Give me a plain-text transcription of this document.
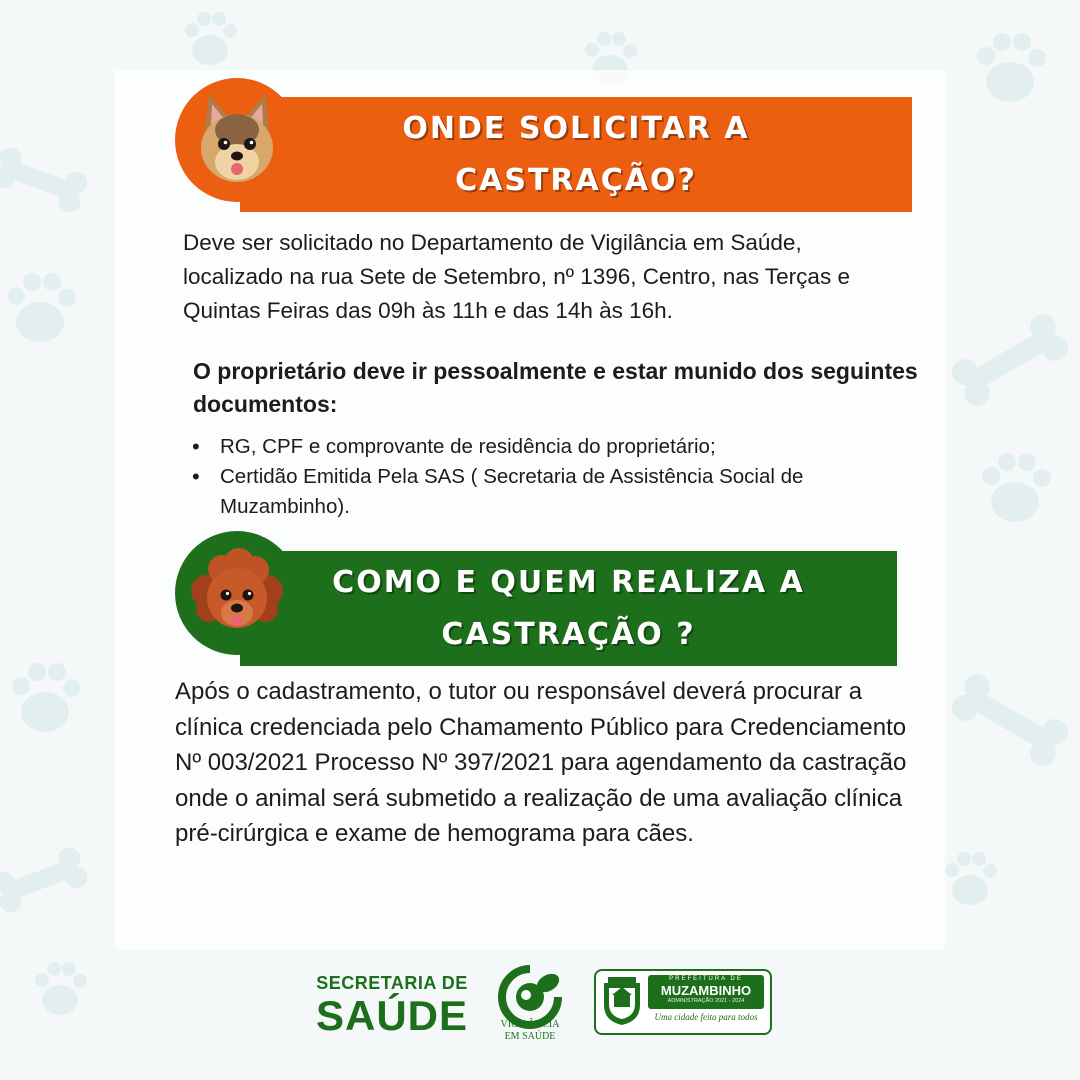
ONDE SOLICITAR A
CASTRAÇÃO?
Deve ser solicitado no Departamento de Vigilância em Saúde, localizado na rua Sete de Setembro, nº 1396, Centro, nas Terças e Quintas Feiras das 09h às 11h e das 14h às 16h.
O proprietário deve ir pessoalmente e estar munido dos seguintes documentos:
• RG, CPF e comprovante de residência do proprietário;
• Certidão Emitida Pela SAS ( Secretaria de Assistência Social de Muzambinho).
COMO E QUEM REALIZA A
CASTRAÇÃO ?
Após o cadastramento, o tutor ou responsável deverá procurar a clínica credenciada pelo Chamamento Público para Credenciamento Nº 003/2021 Processo Nº 397/2021 para agendamento da castração onde o animal será submetido a realização de uma avaliação clínica pré-cirúrgica e exame de hemograma para cães.
SECRETARIA DE
SAÚDE	VIGILÂNCIA
EM SAÚDE
PREFEITURA DE
MUZAMBINHO
ADMINISTRAÇÃO 2021 - 2024
Uma cidade feita para todos
